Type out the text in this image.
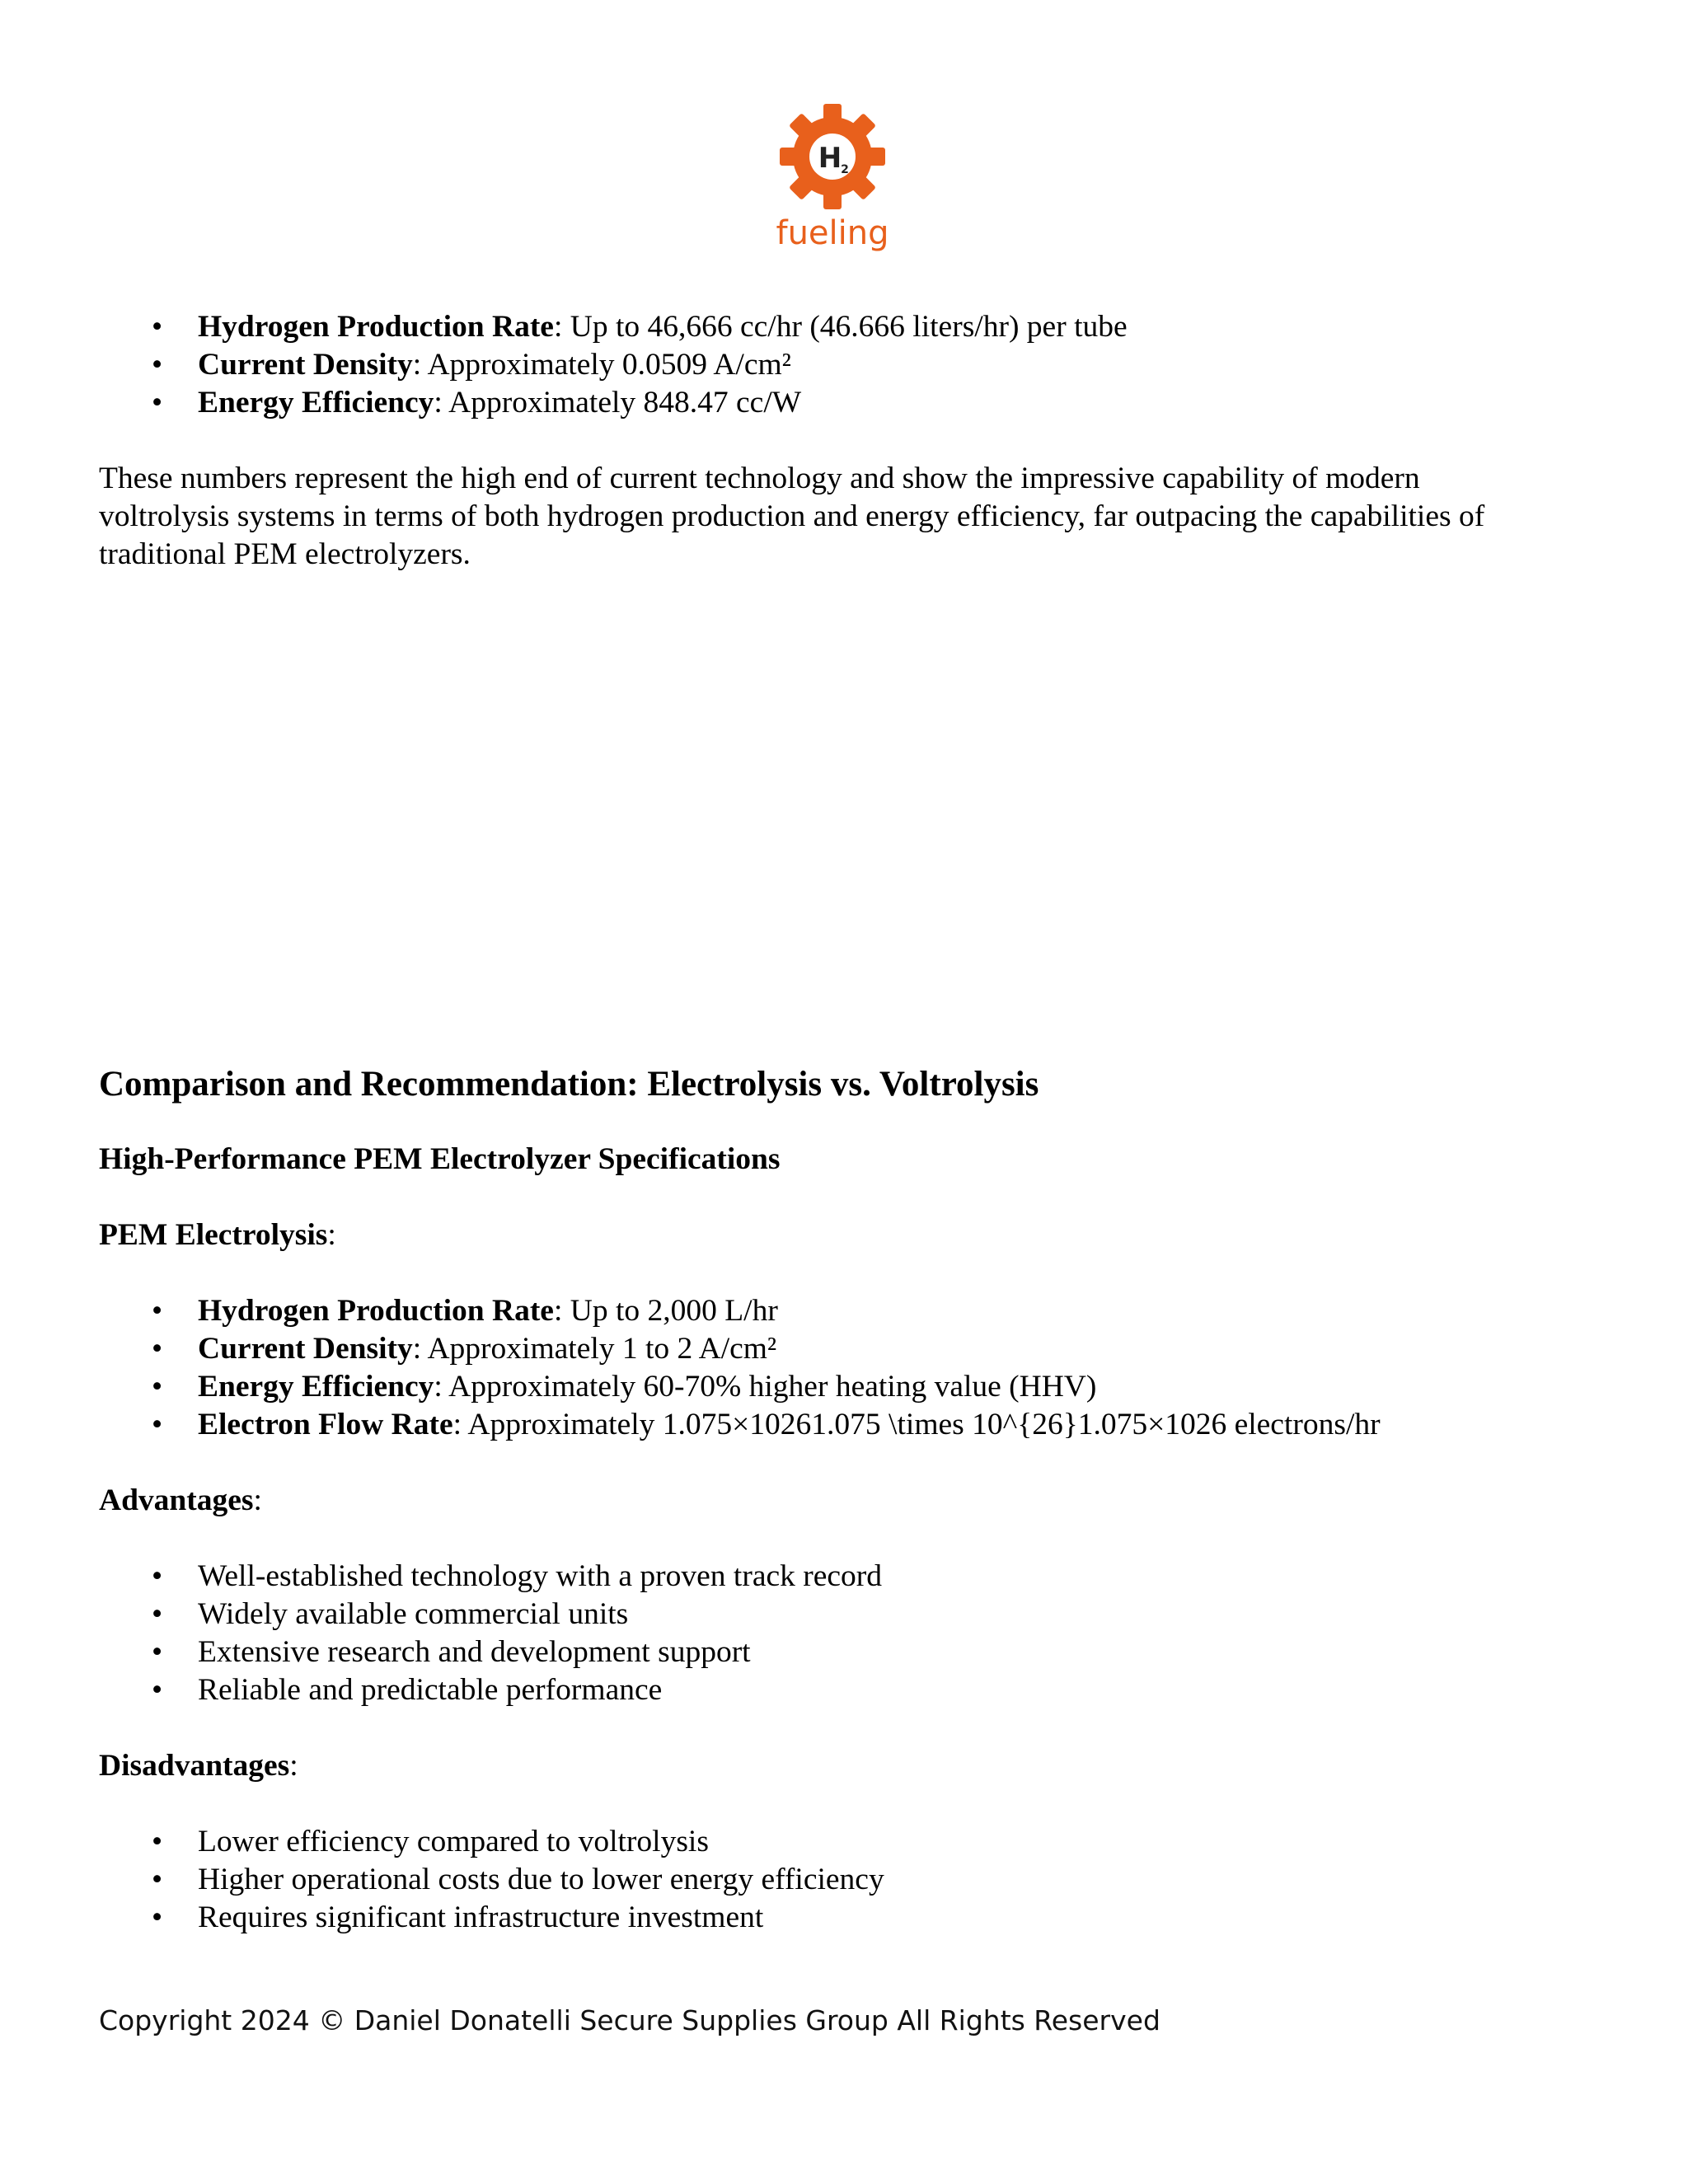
H
2
fueling
• Hydrogen Production Rate: Up to 46,666 cc/hr (46.666 liters/hr) per tube
• Current Density: Approximately 0.0509 A/cm²
• Energy Efficiency: Approximately 848.47 cc/W
These numbers represent the high end of current technology and show the impressive capability of modern
voltrolysis systems in terms of both hydrogen production and energy efficiency, far outpacing the capabilities of
traditional PEM electrolyzers.
Comparison and Recommendation: Electrolysis vs. Voltrolysis
High-Performance PEM Electrolyzer Specifications
PEM Electrolysis:
• Hydrogen Production Rate: Up to 2,000 L/hr
• Current Density: Approximately 1 to 2 A/cm²
• Energy Efficiency: Approximately 60-70% higher heating value (HHV)
• Electron Flow Rate: Approximately 1.075×10261.075 \times 10^{26}1.075×1026 electrons/hr
Advantages:
• Well-established technology with a proven track record
• Widely available commercial units
• Extensive research and development support
• Reliable and predictable performance
Disadvantages:
• Lower efficiency compared to voltrolysis
• Higher operational costs due to lower energy efficiency
• Requires significant infrastructure investment
Copyright 2024 © Daniel Donatelli Secure Supplies Group All Rights Reserved
